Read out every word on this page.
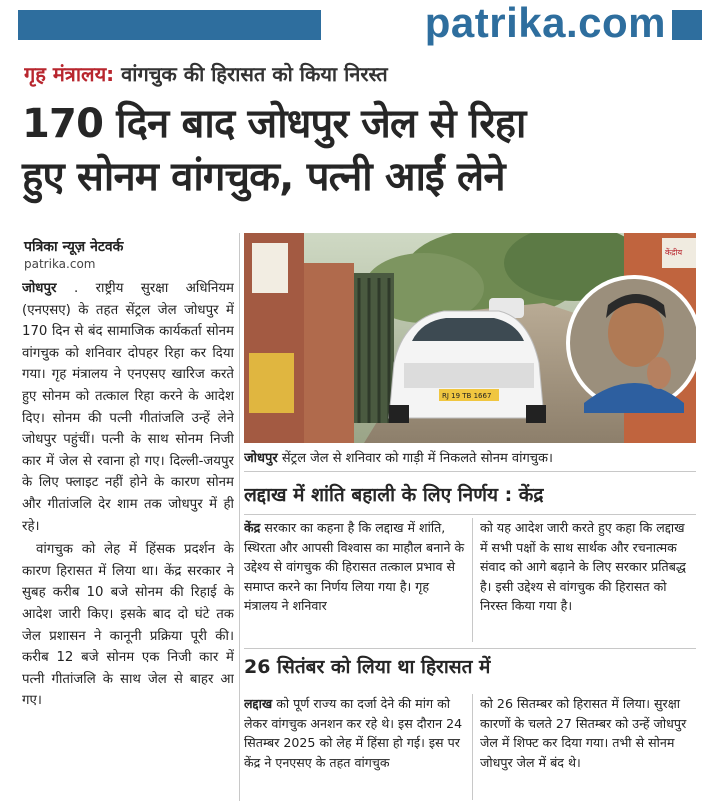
patrika.com
गृह मंत्रालय: वांगचुक की हिरासत को किया निरस्त
170 दिन बाद जोधपुर जेल से रिहा
हुए सोनम वांगचुक, पत्नी आईं लेने
पत्रिका न्यूज़ नेटवर्क
patrika.com

जोधपुर . राष्ट्रीय सुरक्षा अधिनियम (एनएसए) के तहत सेंट्रल जेल जोधपुर में 170 दिन से बंद सामाजिक कार्यकर्ता सोनम वांगचुक को शनिवार दोपहर रिहा कर दिया गया। गृह मंत्रालय ने एनएसए खारिज करते हुए सोनम को तत्काल रिहा करने के आदेश दिए। सोनम की पत्नी गीतांजलि उन्हें लेने जोधपुर पहुंचीं। पत्नी के साथ सोनम निजी कार में जेल से रवाना हो गए। दिल्ली-जयपुर के लिए फ्लाइट नहीं होने के कारण सोनम और गीतांजलि देर शाम तक जोधपुर में ही रहे।

वांगचुक को लेह में हिंसक प्रदर्शन के कारण हिरासत में लिया था। केंद्र सरकार ने सुबह करीब 10 बजे सोनम की रिहाई के आदेश जारी किए। इसके बाद दो घंटे तक जेल प्रशासन ने कानूनी प्रक्रिया पूरी की। करीब 12 बजे सोनम एक निजी कार में पत्नी गीतांजलि के साथ जेल से बाहर आ गए।

केंद्रीय
RJ 19 TB 1667
जोधपुर सेंट्रल जेल से शनिवार को गाड़ी में निकलते सोनम वांगचुक।
लद्दाख में शांति बहाली के लिए निर्णय : केंद्र
केंद्र सरकार का कहना है कि लद्दाख में शांति, स्थिरता और आपसी विश्वास का माहौल बनाने के उद्देश्य से वांगचुक की हिरासत तत्काल प्रभाव से समाप्त करने का निर्णय लिया गया है। गृह मंत्रालय ने शनिवार
को यह आदेश जारी करते हुए कहा कि लद्दाख में सभी पक्षों के साथ सार्थक और रचनात्मक संवाद को आगे बढ़ाने के लिए सरकार प्रतिबद्ध है। इसी उद्देश्य से वांगचुक की हिरासत को निरस्त किया गया है।
26 सितंबर को लिया था हिरासत में
लद्दाख को पूर्ण राज्य का दर्जा देने की मांग को लेकर वांगचुक अनशन कर रहे थे। इस दौरान 24 सितम्बर 2025 को लेह में हिंसा हो गई। इस पर केंद्र ने एनएसए के तहत वांगचुक
को 26 सितम्बर को हिरासत में लिया। सुरक्षा कारणों के चलते 27 सितम्बर को उन्हें जोधपुर जेल में शिफ्ट कर दिया गया। तभी से सोनम जोधपुर जेल में बंद थे।
